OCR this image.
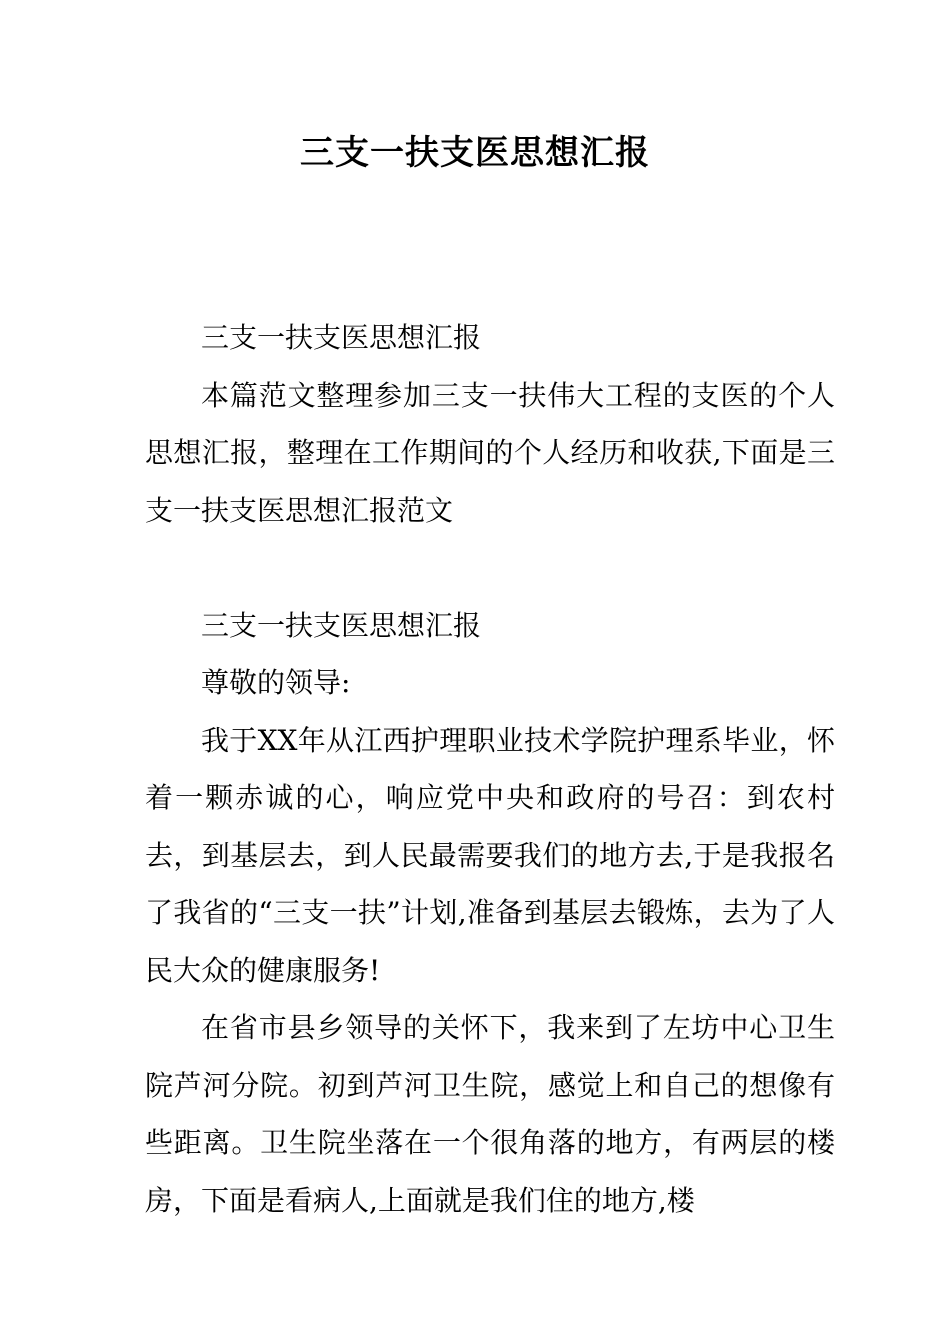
三支一扶支医思想汇报

三支一扶支医思想汇报

本篇范文整理参加三支一扶伟大工程的支医的个人思想汇报，整理在工作期间的个人经历和收获,下面是三支一扶支医思想汇报范文

三支一扶支医思想汇报

尊敬的领导:

我于XX年从江西护理职业技术学院护理系毕业，怀着一颗赤诚的心，响应党中央和政府的号召：到农村去，到基层去，到人民最需要我们的地方去,于是我报名了我省的“三支一扶”计划,准备到基层去锻炼，去为了人民大众的健康服务!

在省市县乡领导的关怀下，我来到了左坊中心卫生院芦河分院。初到芦河卫生院，感觉上和自己的想像有些距离。卫生院坐落在一个很角落的地方，有两层的楼房，下面是看病人,上面就是我们住的地方,楼
